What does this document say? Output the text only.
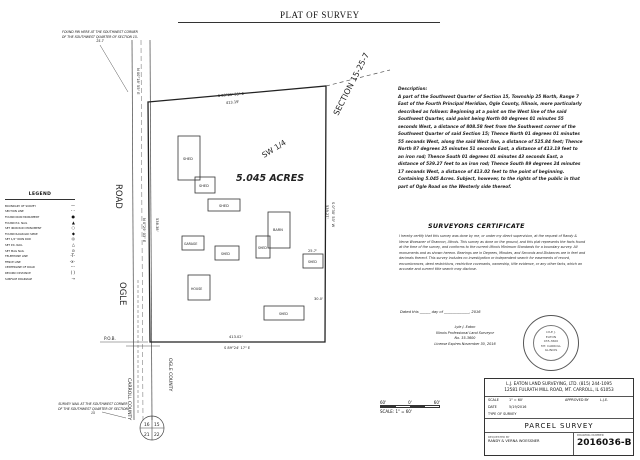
PLAT OF SURVEY
SHED
SHED
SHED
BARN
GARAGE
SHED
SHED
HOUSE
SHED
SHED
5.045 ACRES
SW 1/4
SECTION 15-25-7
ROAD
OGLE
S 89°25' 35" E
413.19'
S 0°30' 53" W
539.27'
413.02'
S 89°24' 17" E
N 0°29' 03" E
N 00°18' 55" E
538.38'
25.7'
30.0'
P.O.B.
CARROLL COUNTY
OGLE COUNTY
16 15
21 22
FOUND PIN HERE AT THE SOUTHWEST CORNER OF THE SOUTHWEST QUARTER OF SECTION 15-25-7
SURVEY NAIL AT THE SOUTHWEST CORNER OF THE SOUTHWEST QUARTER OF SECTION 15
Description:
A part of the Southwest Quarter of Section 15, Township 25 North, Range 7 East of the Fourth Principal Meridian, Ogle County, Illinois, more particularly described as follows: Beginning at a point on the West line of the said Southwest Quarter, said point being North 00 degrees 01 minutes 55 seconds West, a distance of 808.58 feet from the Southwest corner of the Southwest Quarter of said Section 15; Thence North 01 degrees 01 minutes 55 seconds West, along the said West line, a distance of 525.84 feet; Thence North 87 degrees 25 minutes 51 seconds East, a distance of 413.19 feet to an iron rod; Thence South 01 degrees 01 minutes 43 seconds East, a distance of 539.27 feet to an iron rod; Thence South 89 degrees 24 minutes 17 seconds West, a distance of 413.02 feet to the point of beginning. Containing 5.045 Acres. Subject, however, to the rights of the public in that part of Ogle Road on the Westerly side thereof.
SURVEYORS CERTIFICATE
I hereby certify that this survey was done by me, or under my direct supervision, at the request of Randy & Verna Woessner of Shannon, Illinois. This survey as done on the ground, and this plat represents the facts found at the time of the survey, and conforms to the current Illinois Minimum Standards for a boundary survey. All monuments and as shown hereon. Bearings are in Degrees, Minutes, and Seconds and Distances are in feet and decimals thereof. This survey includes no investigation or independent search for easements of record, encumbrances, deed restrictions, restrictive covenants, ownership, title evidence, or any other facts, which an accurate and current title search may disclose.
Dated this ______ day of ______________, 2016
Lyle J. Eaton
Illinois Professional Land Surveyor
No. 35-3600
License Expires November 30, 2016
LYLE J.
EATON
035-3600
MT. CARROLL
ILLINOIS
LEGEND
BOUNDARY OF SURVEY	—
SECTION LINE	- -
FOUND IRON MONUMENT	●
FOUND P.K. NAIL	▲
SET IRON ROD MONUMENT	○
FOUND RAILROAD SPIKE	◆
SET 1/2" IRON ROD	◎
SET P.K. NAIL	△
SET MAG NAIL	⊙
TELEPHONE LINE	-T-
FENCE LINE	-x-
CENTERLINE OF ROAD	-·-
RECORD DISTANCE	( )
SURFACE DRAINAGE	→
60'	0'	60'
SCALE: 1" = 60'
L.J. EATON LAND SURVEYING, LTD. (815) 244-1095
12581 FULRATH MILL ROAD, MT. CARROLL, IL 61053
SCALE	1" = 60'	APPROVED BY	L.J.E.
DATE	5/19/2016
TYPE OF SURVEY
PARCEL SURVEY
REQUESTED BY
RANDY & VERNA WOESSNER
DRAWING NUMBER
2016036-B
